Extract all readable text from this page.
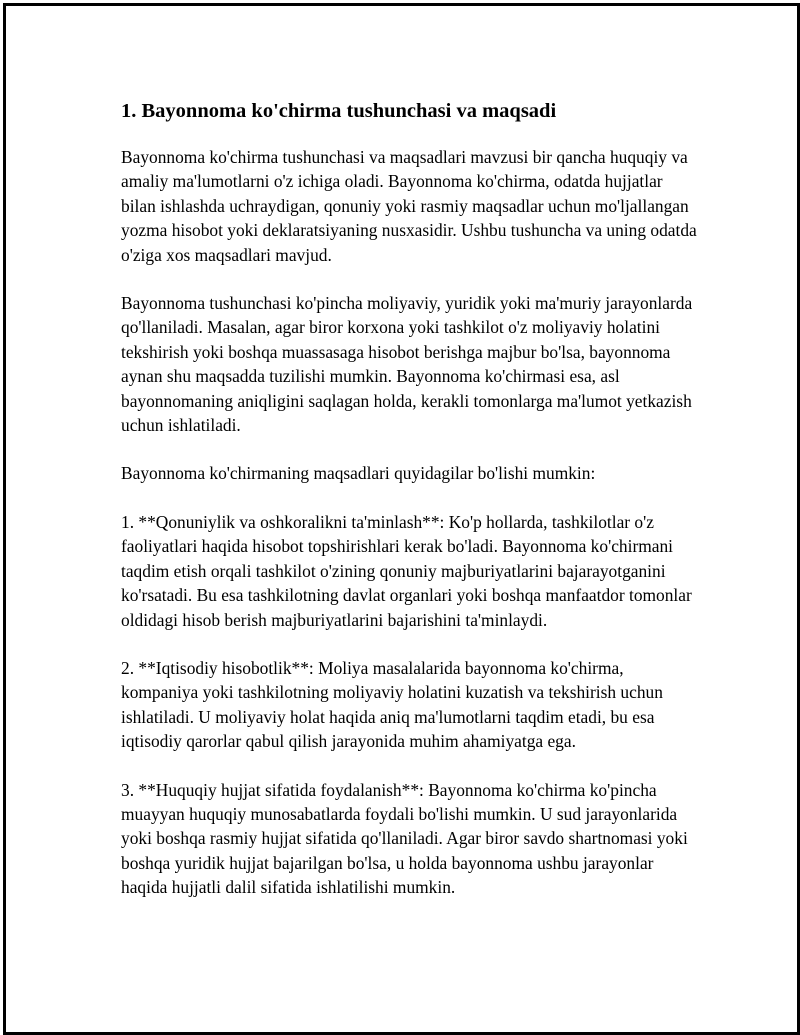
1. Bayonnoma ko'chirma tushunchasi va maqsadi

Bayonnoma ko'chirma tushunchasi va maqsadlari mavzusi bir qancha huquqiy va amaliy ma'lumotlarni o'z ichiga oladi. Bayonnoma ko'chirma, odatda hujjatlar bilan ishlashda uchraydigan, qonuniy yoki rasmiy maqsadlar uchun mo'ljallangan yozma hisobot yoki deklaratsiyaning nusxasidir. Ushbu tushuncha va uning odatda o'ziga xos maqsadlari mavjud.

Bayonnoma tushunchasi ko'pincha moliyaviy, yuridik yoki ma'muriy jarayonlarda qo'llaniladi. Masalan, agar biror korxona yoki tashkilot o'z moliyaviy holatini tekshirish yoki boshqa muassasaga hisobot berishga majbur bo'lsa, bayonnoma aynan shu maqsadda tuzilishi mumkin. Bayonnoma ko'chirmasi esa, asl bayonnomaning aniqligini saqlagan holda, kerakli tomonlarga ma'lumot yetkazish uchun ishlatiladi.

Bayonnoma ko'chirmaning maqsadlari quyidagilar bo'lishi mumkin:

1. **Qonuniylik va oshkoralikni ta'minlash**: Ko'p hollarda, tashkilotlar o'z faoliyatlari haqida hisobot topshirishlari kerak bo'ladi. Bayonnoma ko'chirmani taqdim etish orqali tashkilot o'zining qonuniy majburiyatlarini bajarayotganini ko'rsatadi. Bu esa tashkilotning davlat organlari yoki boshqa manfaatdor tomonlar oldidagi hisob berish majburiyatlarini bajarishini ta'minlaydi.

2. **Iqtisodiy hisobotlik**: Moliya masalalarida bayonnoma ko'chirma, kompaniya yoki tashkilotning moliyaviy holatini kuzatish va tekshirish uchun ishlatiladi. U moliyaviy holat haqida aniq ma'lumotlarni taqdim etadi, bu esa iqtisodiy qarorlar qabul qilish jarayonida muhim ahamiyatga ega.

3. **Huquqiy hujjat sifatida foydalanish**: Bayonnoma ko'chirma ko'pincha muayyan huquqiy munosabatlarda foydali bo'lishi mumkin. U sud jarayonlarida yoki boshqa rasmiy hujjat sifatida qo'llaniladi. Agar biror savdo shartnomasi yoki boshqa yuridik hujjat bajarilgan bo'lsa, u holda bayonnoma ushbu jarayonlar haqida hujjatli dalil sifatida ishlatilishi mumkin.
